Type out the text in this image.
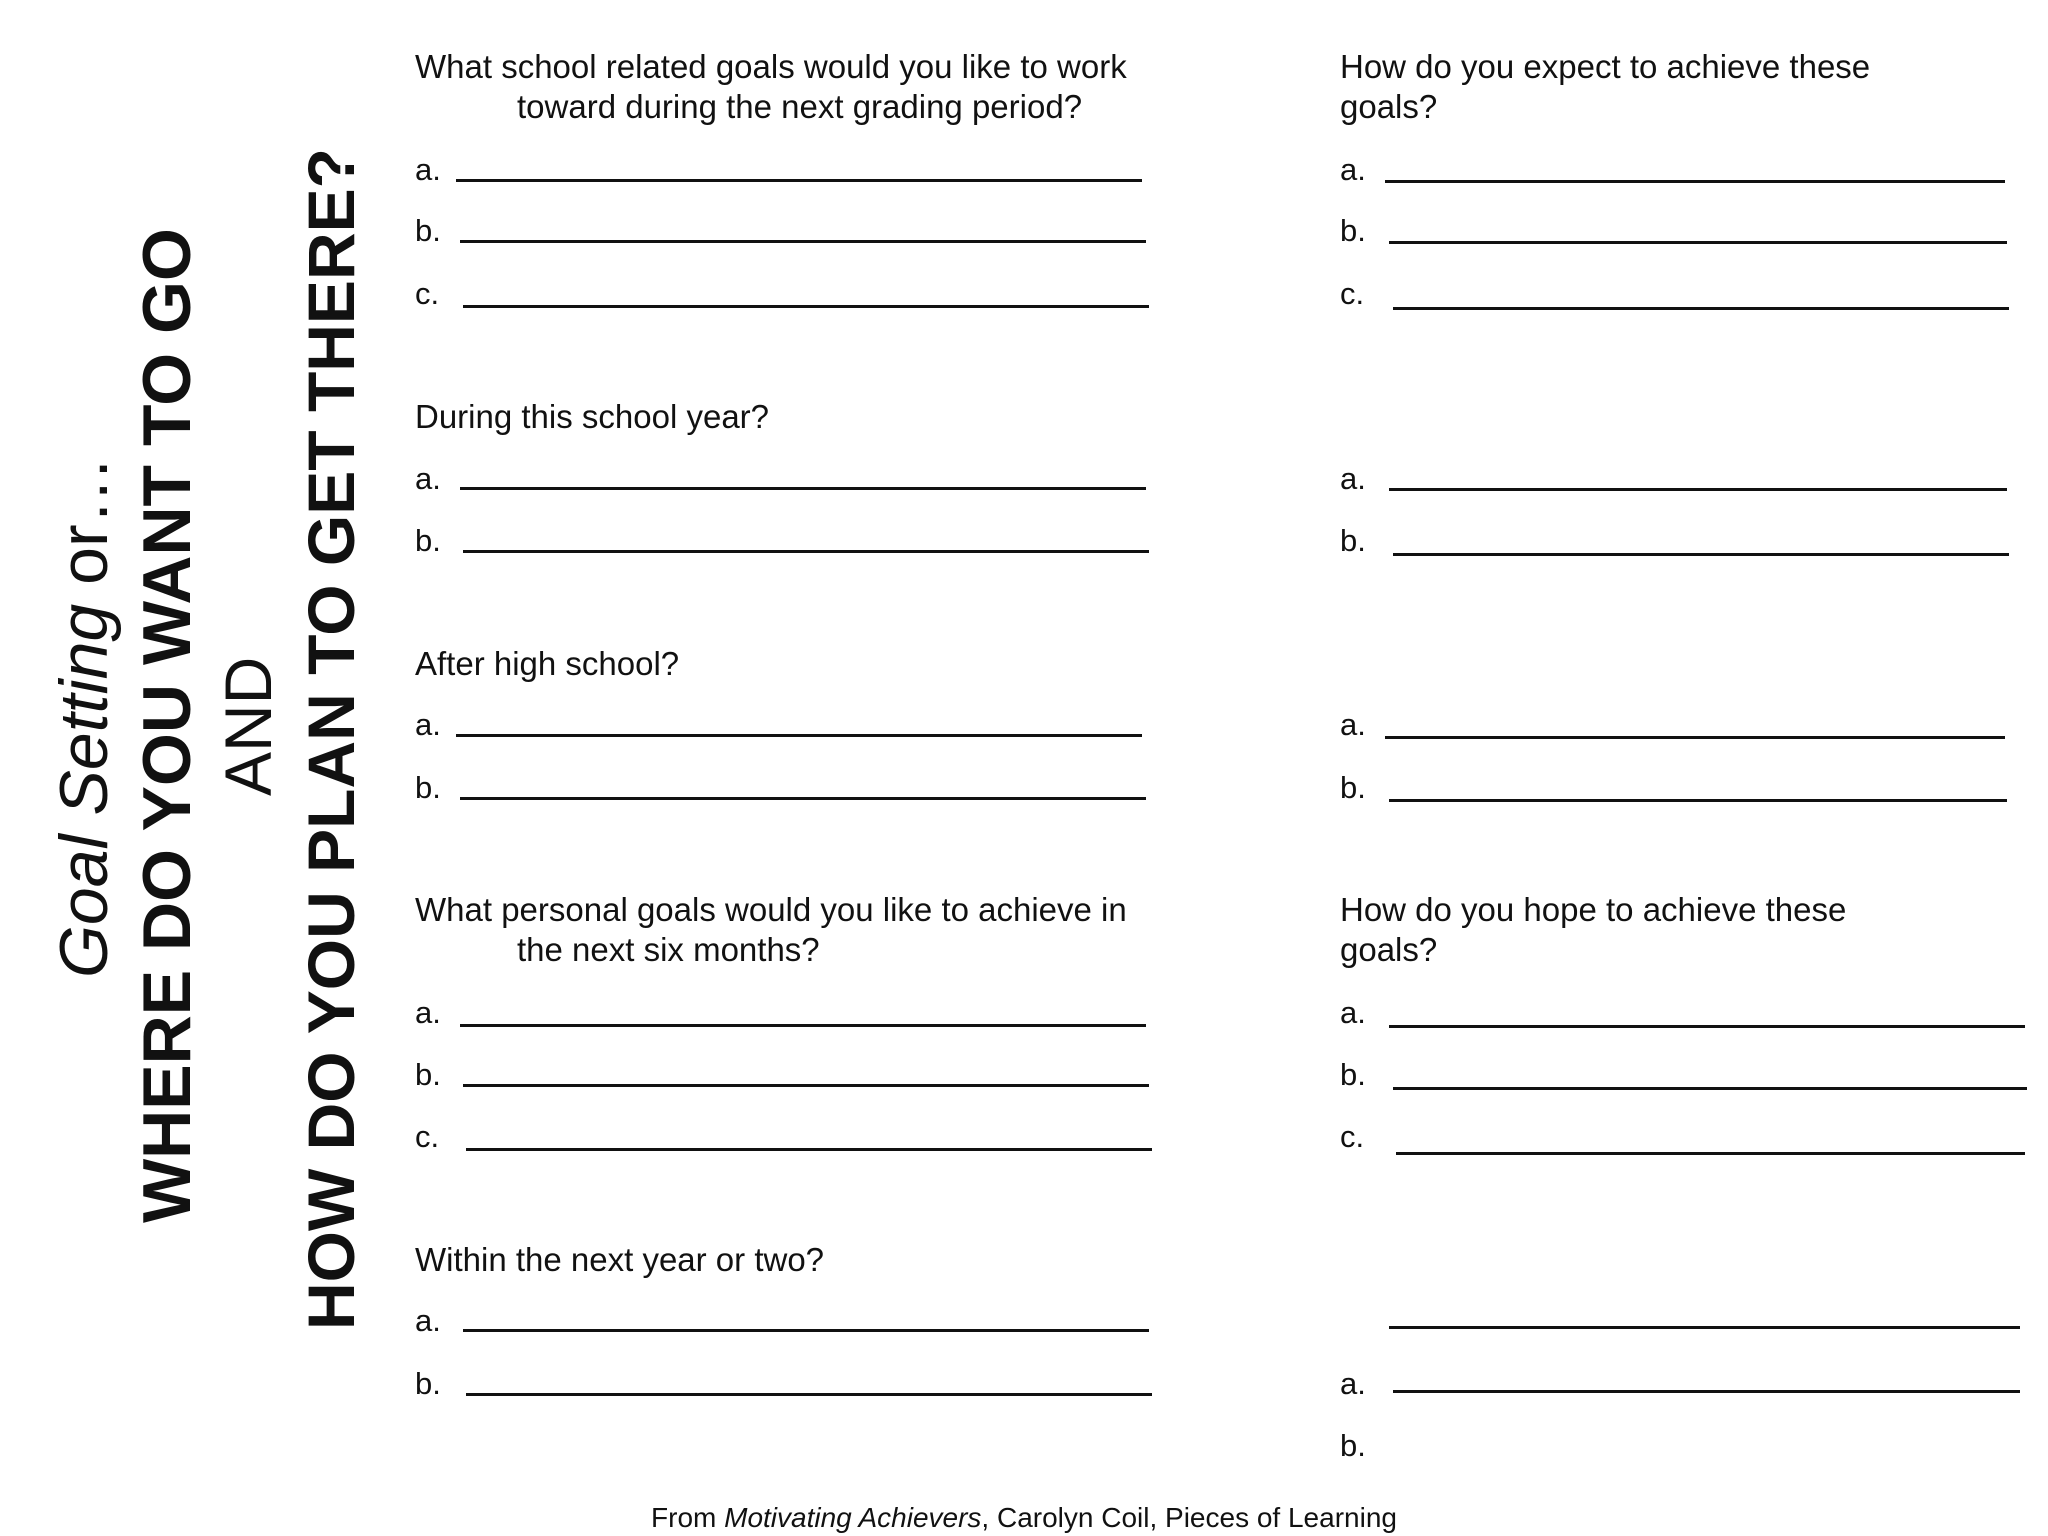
Goal Setting or… WHERE DO YOU WANT TO GO AND HOW DO YOU PLAN TO GET THERE?
What school related goals would you like to work
toward during the next grading period?
a.
b.
c.
During this school year?
a.
b.
After high school?
a.
b.
What personal goals would you like to achieve in
the next six months?
a.
b.
c.
Within the next year or two?
a.
b.
How do you expect to achieve these
goals?
a.
b.
c.
a.
b.
a.
b.
How do you hope to achieve these
goals?
a.
b.
c.
a.
b.
From Motivating Achievers, Carolyn Coil, Pieces of Learning
